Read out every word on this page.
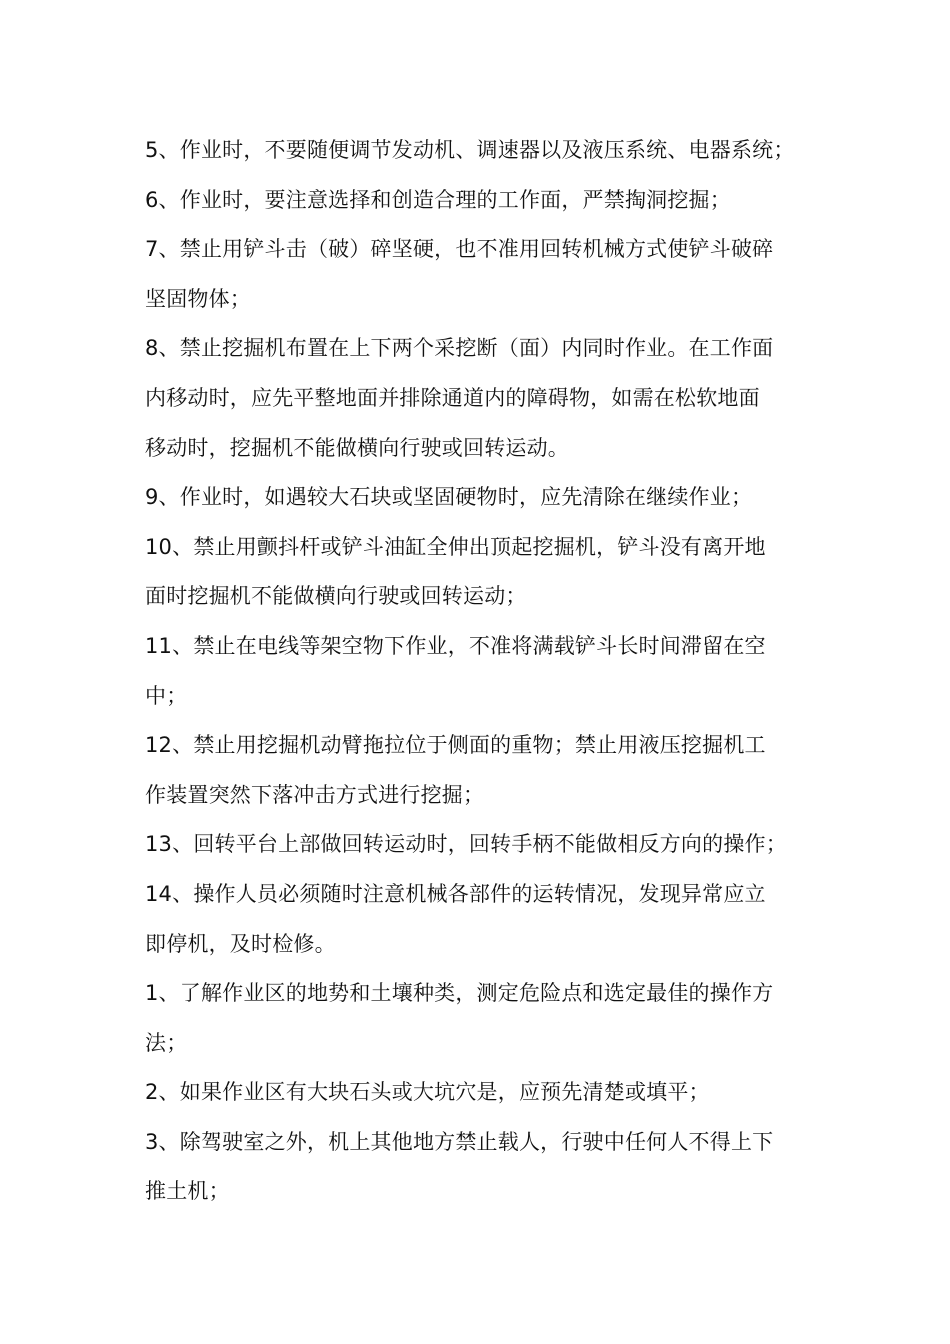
5、作业时，不要随便调节发动机、调速器以及液压系统、电器系统；
6、作业时，要注意选择和创造合理的工作面，严禁掏洞挖掘；
7、禁止用铲斗击（破）碎坚硬，也不准用回转机械方式使铲斗破碎
坚固物体；
8、禁止挖掘机布置在上下两个采挖断（面）内同时作业。在工作面
内移动时，应先平整地面并排除通道内的障碍物，如需在松软地面
移动时，挖掘机不能做横向行驶或回转运动。
9、作业时，如遇较大石块或坚固硬物时，应先清除在继续作业；
10、禁止用颤抖杆或铲斗油缸全伸出顶起挖掘机，铲斗没有离开地
面时挖掘机不能做横向行驶或回转运动；
11、禁止在电线等架空物下作业，不准将满载铲斗长时间滞留在空
中；
12、禁止用挖掘机动臂拖拉位于侧面的重物；禁止用液压挖掘机工
作装置突然下落冲击方式进行挖掘；
13、回转平台上部做回转运动时，回转手柄不能做相反方向的操作；
14、操作人员必须随时注意机械各部件的运转情况，发现异常应立
即停机，及时检修。
1、了解作业区的地势和土壤种类，测定危险点和选定最佳的操作方
法；
2、如果作业区有大块石头或大坑穴是，应预先清楚或填平；
3、除驾驶室之外，机上其他地方禁止载人，行驶中任何人不得上下
推土机；
